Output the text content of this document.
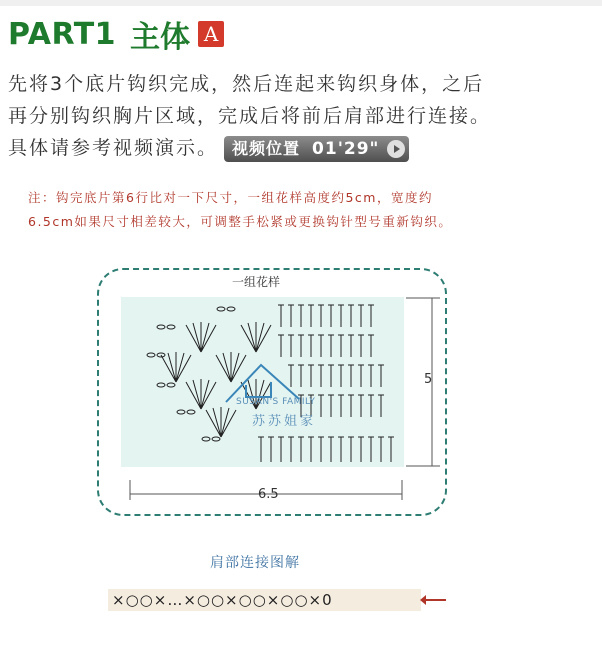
PART1 主体 A
先将3个底片钩织完成，然后连起来钩织身体，之后
再分别钩织胸片区域，完成后将前后肩部进行连接。
具体请参考视频演示。 视频位置 01'29"
注：钩完底片第6行比对一下尺寸，一组花样高度约5cm，宽度约
6.5cm如果尺寸相差较大，可调整手松紧或更换钩针型号重新钩织。
一组花样
SUSAN'S FAMILY
苏苏姐家
5
6.5
肩部连接图解
×○○×…×○○×○○×○○×0
